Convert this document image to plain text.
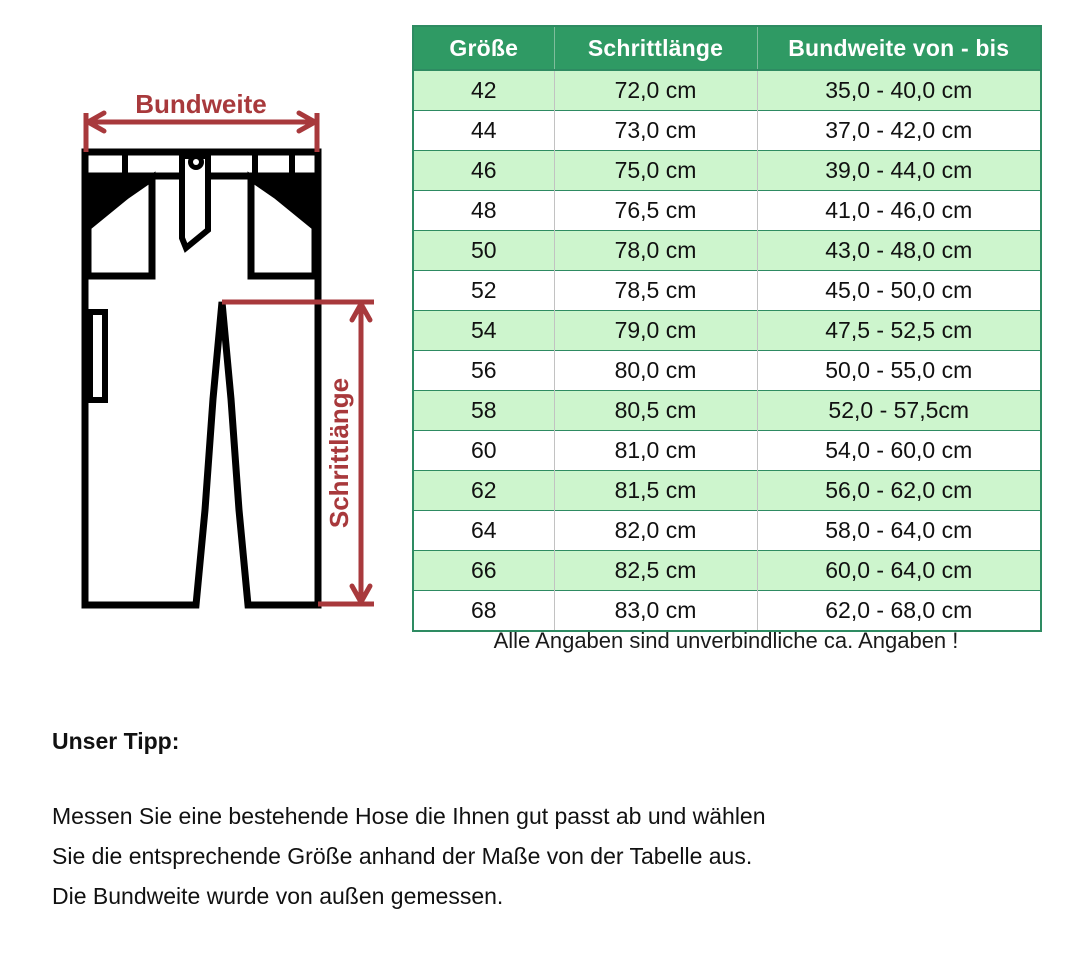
Bundweite
Schrittlänge
Größe	Schrittlänge	Bundweite von - bis
42	72,0 cm	35,0 - 40,0 cm
44	73,0 cm	37,0 - 42,0 cm
46	75,0 cm	39,0 - 44,0 cm
48	76,5 cm	41,0 - 46,0 cm
50	78,0 cm	43,0 - 48,0 cm
52	78,5 cm	45,0 - 50,0 cm
54	79,0 cm	47,5 - 52,5 cm
56	80,0 cm	50,0 - 55,0 cm
58	80,5 cm	52,0 - 57,5cm
60	81,0 cm	54,0 - 60,0 cm
62	81,5 cm	56,0 - 62,0 cm
64	82,0 cm	58,0 - 64,0 cm
66	82,5 cm	60,0 - 64,0 cm
68	83,0 cm	62,0 - 68,0 cm
Alle Angaben sind unverbindliche ca. Angaben !
Unser Tipp:

Messen Sie eine bestehende Hose die Ihnen gut passt ab und wählen

Sie die entsprechende Größe anhand der Maße von der Tabelle aus.

Die Bundweite wurde von außen gemessen.
